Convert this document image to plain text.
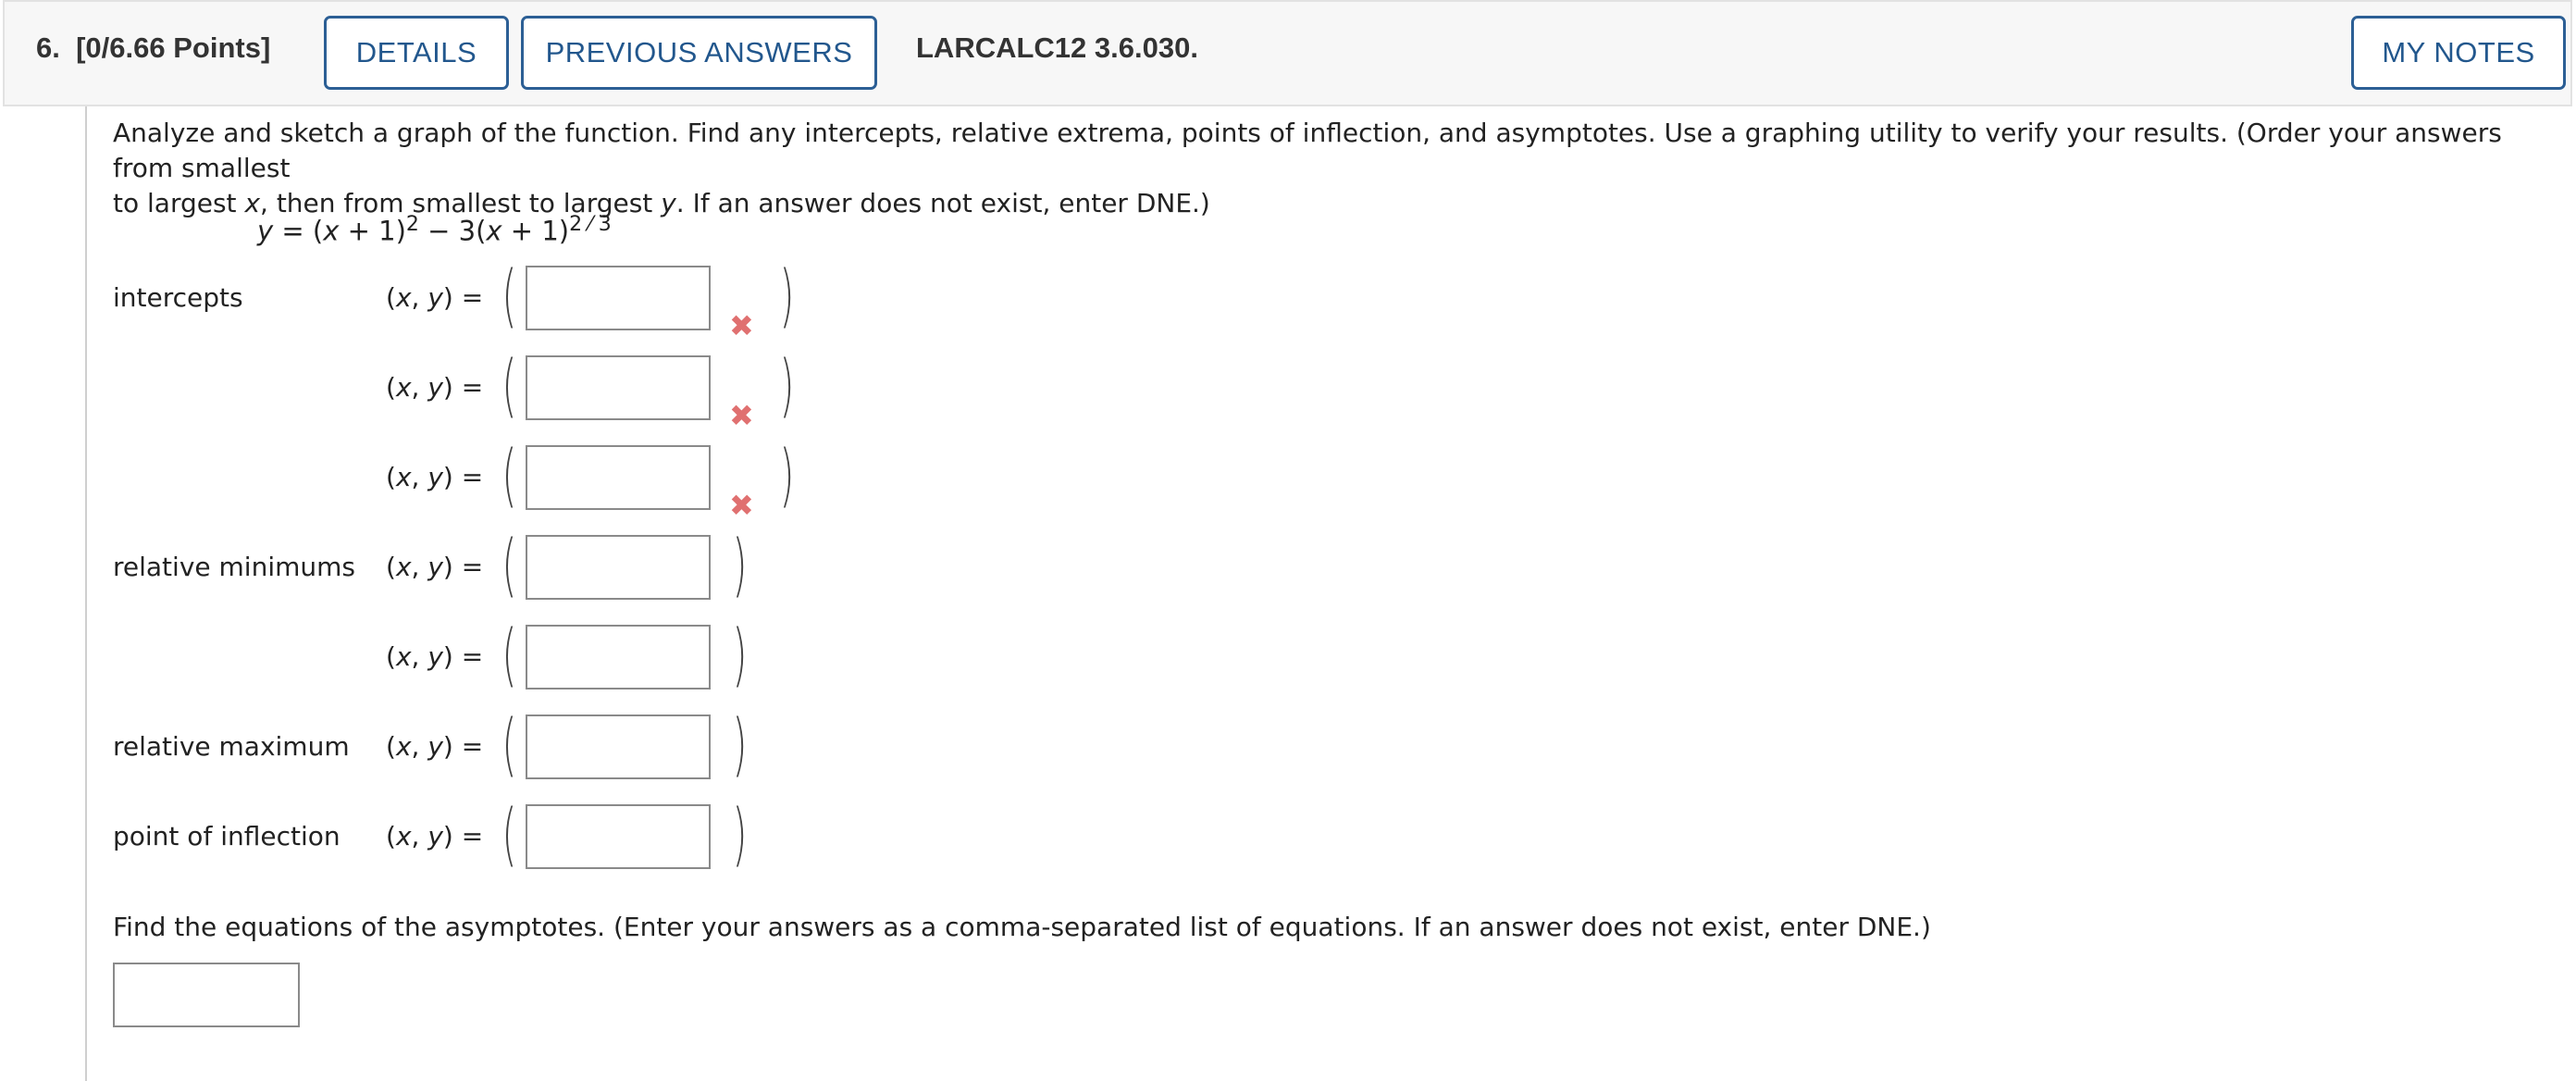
6. [0/6.66 Points]	DETAILS	PREVIOUS ANSWERS	LARCALC12 3.6.030.	MY NOTES
Analyze and sketch a graph of the function. Find any intercepts, relative extrema, points of inflection, and asymptotes. Use a graphing utility to verify your results. (Order your answers from smallest
to largest x, then from smallest to largest y. If an answer does not exist, enter DNE.)
$y = (x + 1)^2 - 3(x + 1)^{2 ⁄ 3}$
intercepts	(x, y) = (	)
✖
(x, y) = (	)
✖
(x, y) = (	)
✖
relative minimums (x, y) = (	)
(x, y) = (	)
relative maximum (x, y) = (	)
point of inflection (x, y) = (	)
Find the equations of the asymptotes. (Enter your answers as a comma-separated list of equations. If an answer does not exist, enter DNE.)
